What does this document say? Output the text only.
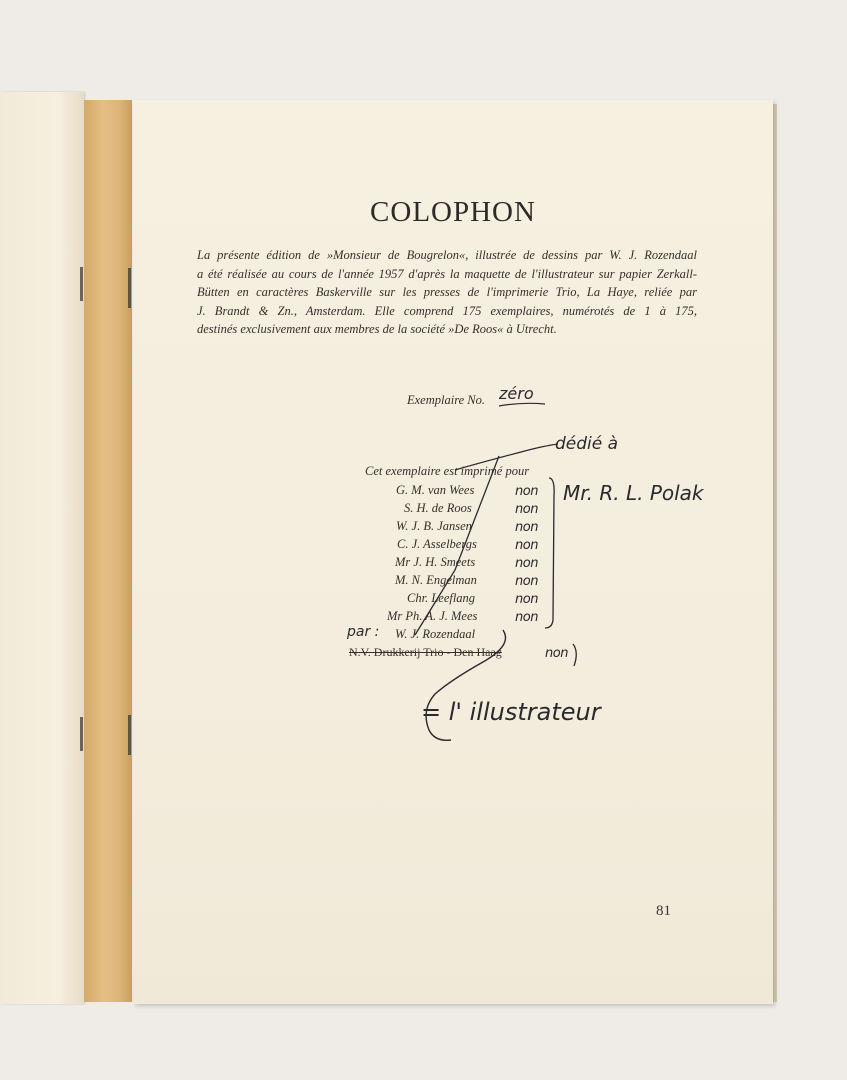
COLOPHON
La présente édition de »Monsieur de Bougrelon«, illustrée de dessins par W. J. Rozendaal
a été réalisée au cours de l'année 1957 d'après la maquette de l'illustrateur sur papier Zerkall-
Bütten en caractères Baskerville sur les presses de l'imprimerie Trio, La Haye, reliée par
J. Brandt & Zn., Amsterdam. Elle comprend 175 exemplaires, numérotés de 1 à 175,
destinés exclusivement aux membres de la société »De Roos« à Utrecht.
Exemplaire No. zéro
dédié à
Cet exemplaire est imprimé pour
Mr. R. L. Polak
G. M. van Wees	non
S. H. de Roos	non
W. J. B. Jansen	non
C. J. Asselbergs	non
Mr J. H. Smeets	non
M. N. Engelman	non
Chr. Leeflang	non
Mr Ph. A. J. Mees	non
par : W. J. Rozendaal
N.V. Drukkerij Trio - Den Haag	non
= l' illustrateur
81
